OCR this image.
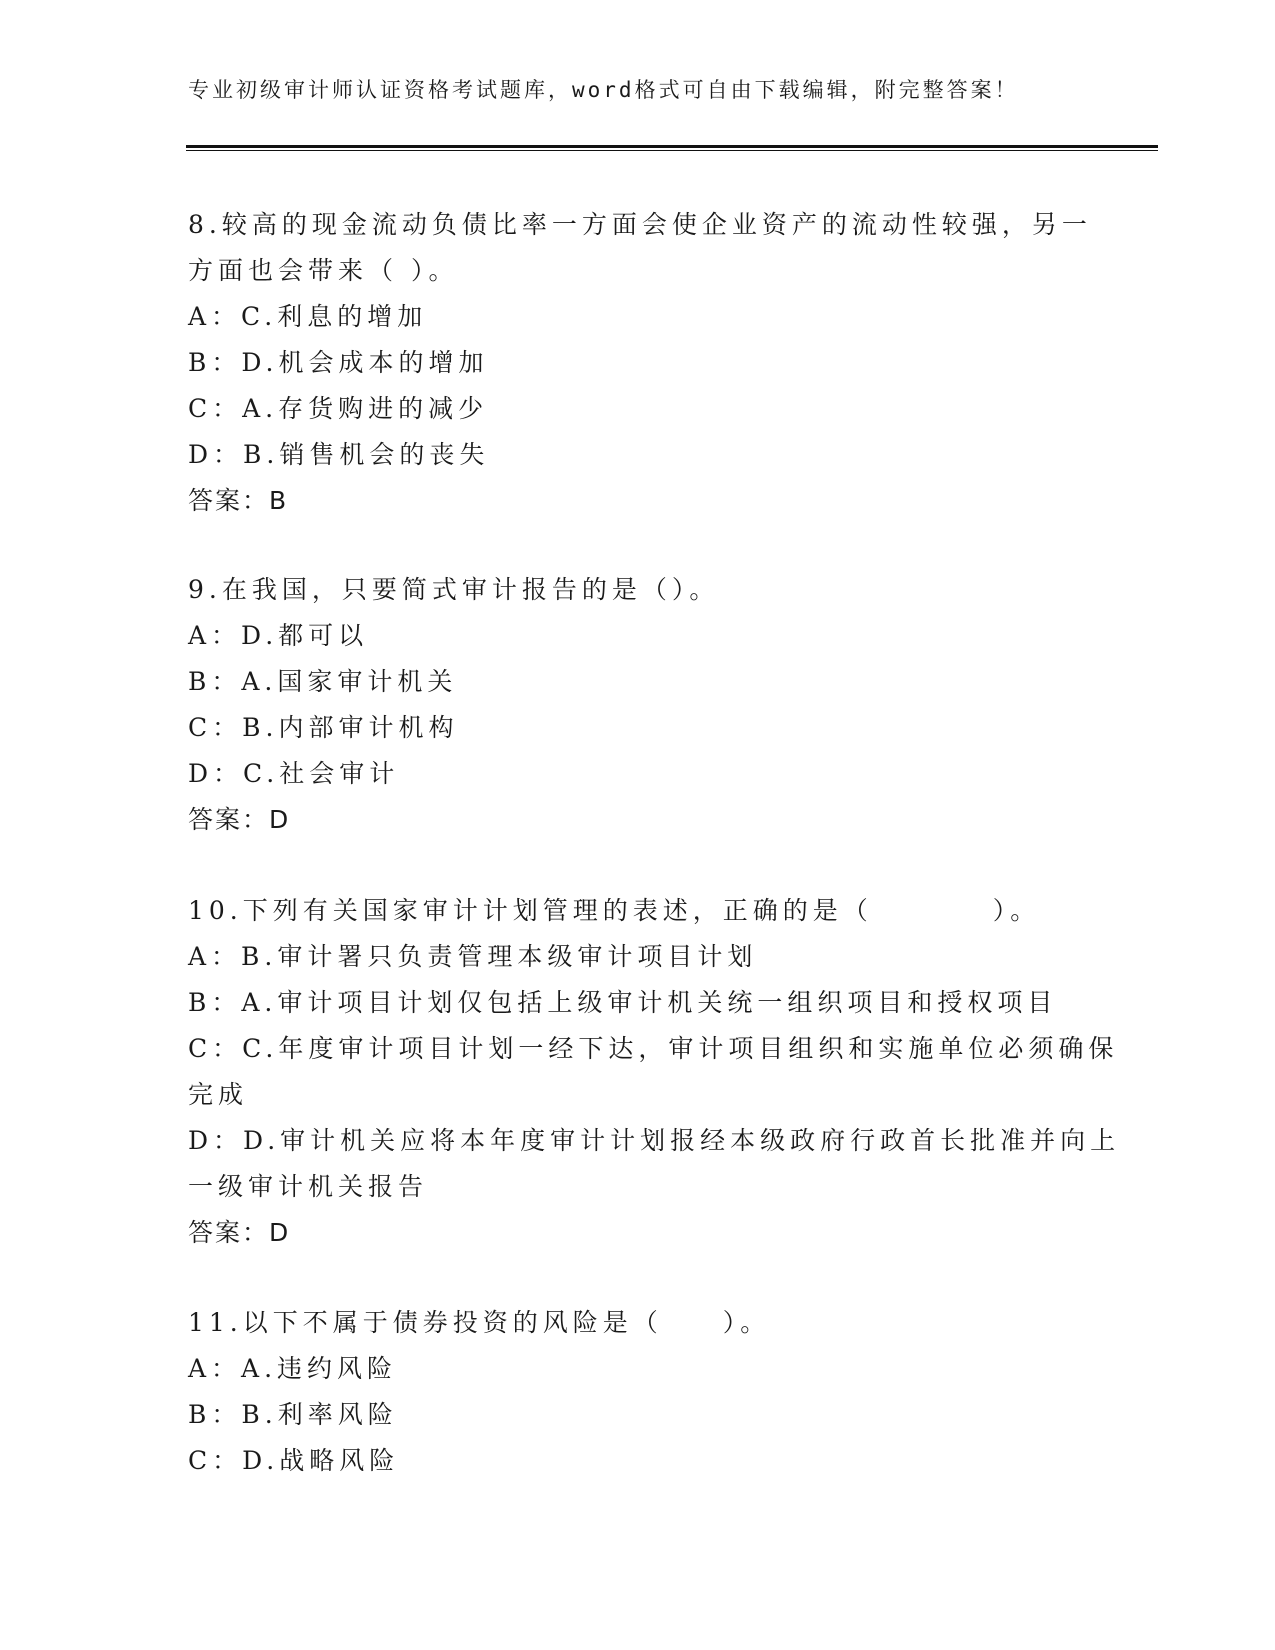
专业初级审计师认证资格考试题库，word格式可自由下载编辑，附完整答案！
8.较高的现金流动负债比率一方面会使企业资产的流动性较强，另一
方面也会带来（ ）。
A：C.利息的增加
B：D.机会成本的增加
C：A.存货购进的减少
D：B.销售机会的丧失
答案：B
9.在我国，只要简式审计报告的是（）。
A：D.都可以
B：A.国家审计机关
C：B.内部审计机构
D：C.社会审计
答案：D
10.下列有关国家审计计划管理的表述，正确的是（　　　　）。
A：B.审计署只负责管理本级审计项目计划
B：A.审计项目计划仅包括上级审计机关统一组织项目和授权项目
C：C.年度审计项目计划一经下达，审计项目组织和实施单位必须确保
完成
D：D.审计机关应将本年度审计计划报经本级政府行政首长批准并向上
一级审计机关报告
答案：D
11.以下不属于债券投资的风险是（　　）。
A：A.违约风险
B：B.利率风险
C：D.战略风险
